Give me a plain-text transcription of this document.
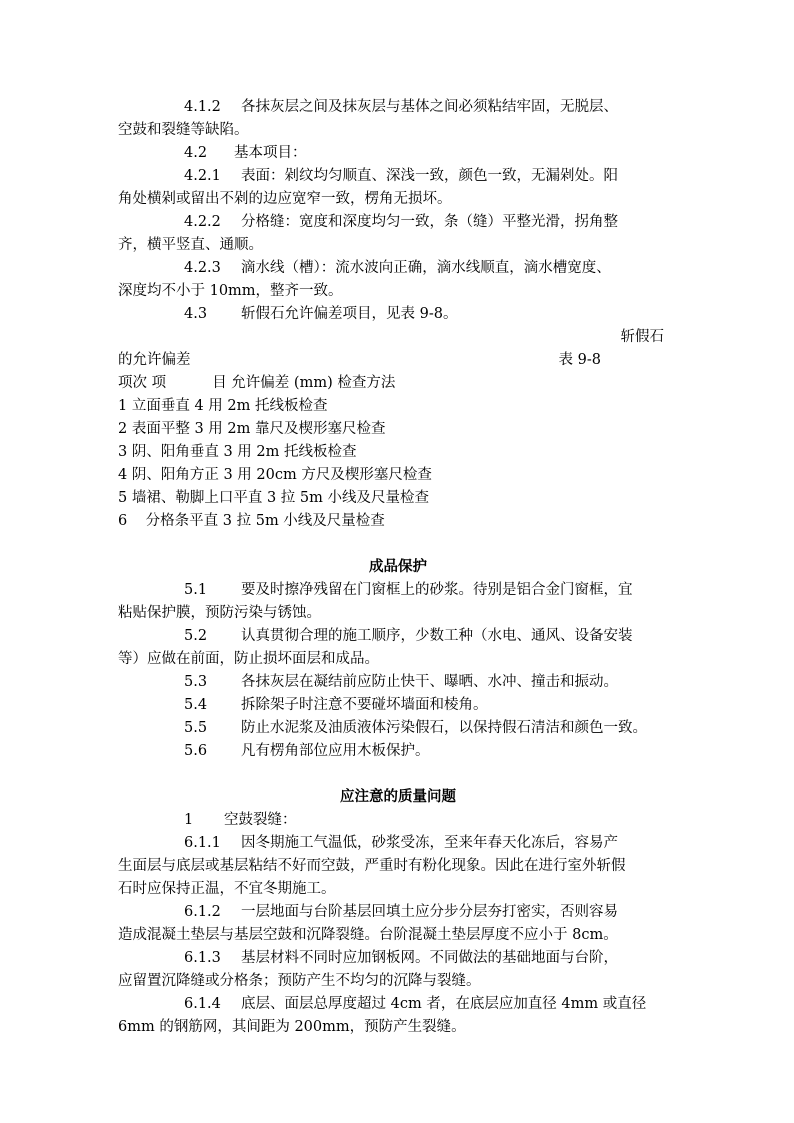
4.1.2 各抹灰层之间及抹灰层与基体之间必须粘结牢固，无脱层、
空鼓和裂缝等缺陷。
4.2 基本项目：
4.2.1 表面：剁纹均匀顺直、深浅一致，颜色一致，无漏剁处。阳
角处横剁或留出不剁的边应宽窄一致，楞角无损坏。
4.2.2 分格缝：宽度和深度均匀一致，条（缝）平整光滑，拐角整
齐，横平竖直、通顺。
4.2.3 滴水线（槽）：流水波向正确，滴水线顺直，滴水槽宽度、
深度均不小于 10mm，整齐一致。
4.3 斩假石允许偏差项目，见表 9-8。
斩假石
的允许偏差	表 9-8
项次 项          目 允许偏差 (mm) 检查方法
1 立面垂直 4 用 2m 托线板检查
2 表面平整 3 用 2m 靠尺及楔形塞尺检查
3 阴、阳角垂直 3 用 2m 托线板检查
4 阴、阳角方正 3 用 20cm 方尺及楔形塞尺检查
5 墙裙、勒脚上口平直 3 拉 5m 小线及尺量检查
6    分格条平直 3 拉 5m 小线及尺量检查
成品保护
5.1 要及时擦净残留在门窗框上的砂浆。待别是铝合金门窗框，宜
粘贴保护膜，预防污染与锈蚀。
5.2 认真贯彻合理的施工顺序，少数工种（水电、通风、设备安装
等）应做在前面，防止损坏面层和成品。
5.3 各抹灰层在凝结前应防止快干、曝晒、水冲、撞击和振动。
5.4 拆除架子时注意不要碰坏墙面和棱角。
5.5 防止水泥浆及油质液体污染假石，以保持假石清洁和颜色一致。
5.6 凡有楞角部位应用木板保护。
应注意的质量问题
1 空鼓裂缝：
6.1.1 因冬期施工气温低，砂浆受冻，至来年春天化冻后，容易产
生面层与底层或基层粘结不好而空鼓，严重时有粉化现象。因此在进行室外斩假
石时应保持正温，不宜冬期施工。
6.1.2 一层地面与台阶基层回填土应分步分层夯打密实，否则容易
造成混凝土垫层与基层空鼓和沉降裂缝。台阶混凝土垫层厚度不应小于 8cm。
6.1.3 基层材料不同时应加钢板网。不同做法的基础地面与台阶，
应留置沉降缝或分格条；预防产生不均匀的沉降与裂缝。
6.1.4 底层、面层总厚度超过 4cm 者，在底层应加直径 4mm 或直径
6mm 的钢筋网，其间距为 200mm，预防产生裂缝。
